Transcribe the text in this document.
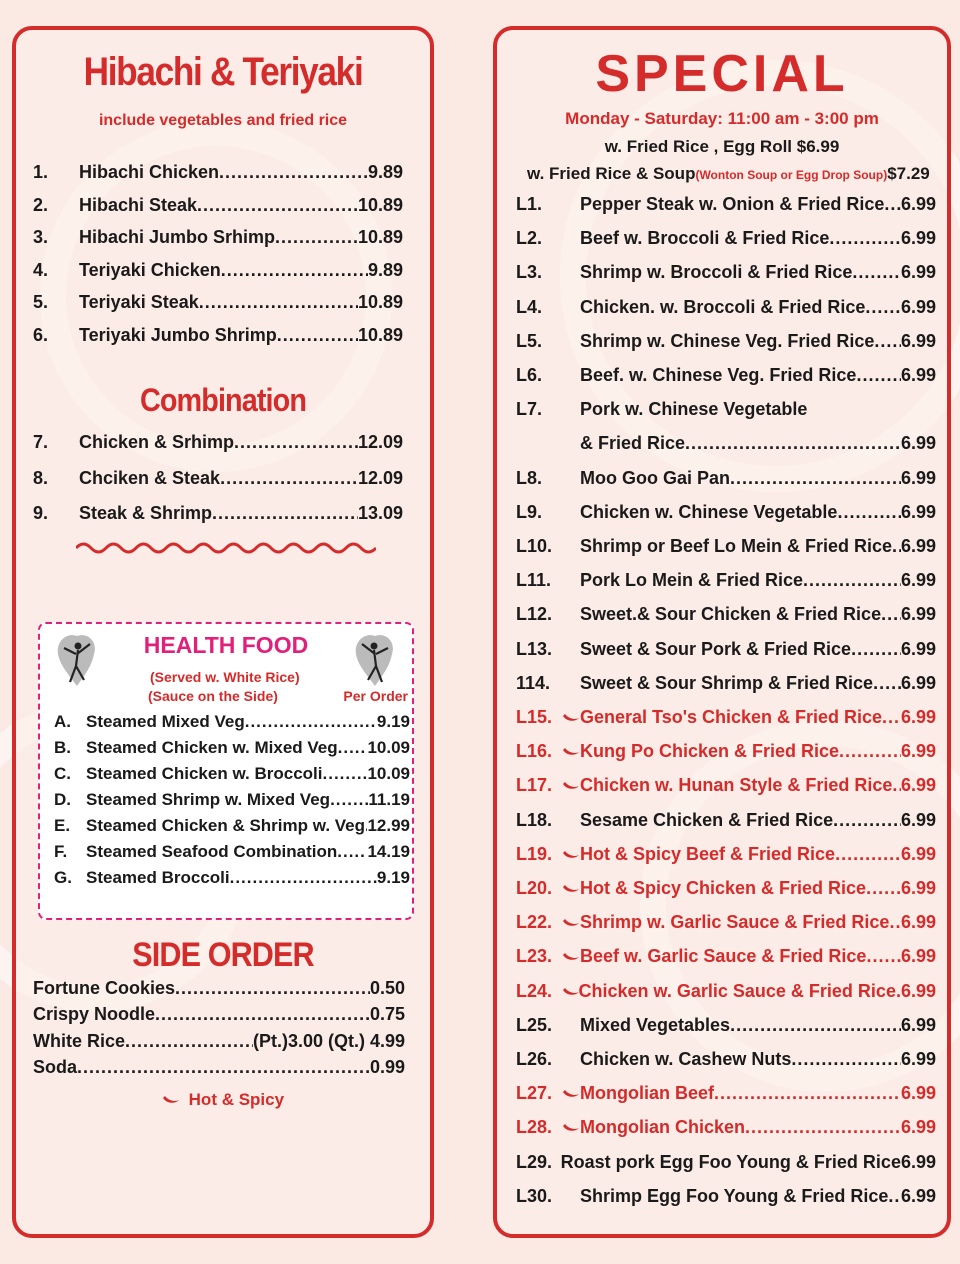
Hibachi & Teriyaki
include vegetables and fried rice
1.	Hibachi Chicken .....	9.89
2.	Hibachi Steak .....	10.89
3.	Hibachi Jumbo Srhimp .....	10.89
4.	Teriyaki Chicken .....	9.89
5.	Teriyaki Steak .....	10.89
6.	Teriyaki Jumbo Shrimp .....	10.89
Combination
7.	Chicken & Srhimp .....	12.09
8.	Chciken & Steak .....	12.09
9.	Steak & Shrimp .....	13.09
HEALTH FOOD
(Served w. White Rice)
(Sauce on the Side)	Per Order
A. Steamed Mixed Veg .....	9.19
B. Steamed Chicken w. Mixed Veg ..... 10.09
C. Steamed Chicken w. Broccoli .....	10.09
D. Steamed Shrimp w. Mixed Veg ..... 11.19
E. Steamed Chicken & Shrimp w. Veg ..... 12.99
F.	Steamed Seafood Combination ..... 14.19
G. Steamed Broccoli .....	9.19
SIDE ORDER
Fortune Cookies .....	0.50
Crispy Noodle .....	0.75
White Rice .....	(Pt.)3.00 (Qt.) 4.99
Soda .....	0.99
Hot & Spicy
SPECIAL
Monday - Saturday: 11:00 am - 3:00 pm
w. Fried Rice , Egg Roll $6.99
w. Fried Rice & Soup(Wonton Soup or Egg Drop Soup)$7.29
L1.	Pepper Steak w. Onion & Fried Rice ..... 6.99
L2.	Beef w. Broccoli & Fried Rice .....	6.99
L3.	Shrimp w. Broccoli & Fried Rice .....	6.99
L4.	Chicken. w. Broccoli & Fried Rice ..... 6.99
L5.	Shrimp w. Chinese Veg. Fried Rice ..... 6.99
L6.	Beef. w. Chinese Veg. Fried Rice ..... 6.99
L7.	Pork w. Chinese Vegetable
& Fried Rice .....	6.99
L8.	Moo Goo Gai Pan .....	6.99
L9.	Chicken w. Chinese Vegetable .....	6.99
L10.	Shrimp or Beef Lo Mein & Fried Rice ..... 6.99
L11.	Pork Lo Mein & Fried Rice .....	6.99
L12.	Sweet.& Sour Chicken & Fried Rice ..... 6.99
L13.	Sweet & Sour Pork & Fried Rice .....	6.99
114.	Sweet & Sour Shrimp & Fried Rice ..... 6.99
L15.	General Tso's Chicken & Fried Rice ..... 6.99
L16.	Kung Po Chicken & Fried Rice .....	6.99
L17.	Chicken w. Hunan Style & Fried Rice ..... 6.99
L18.	Sesame Chicken & Fried Rice .....	6.99
L19.	Hot & Spicy Beef & Fried Rice .....	6.99
L20.	Hot & Spicy Chicken & Fried Rice ..... 6.99
L22.	Shrimp w. Garlic Sauce & Fried Rice ..... 6.99
L23.	Beef w. Garlic Sauce & Fried Rice ..... 6.99
L24.	Chicken w. Garlic Sauce & Fried Rice. 6.99
L25.	Mixed Vegetables .....	6.99
L26.	Chicken w. Cashew Nuts .....	6.99
L27.	Mongolian Beef .....	6.99
L28.	Mongolian Chicken .....	6.99
L29. Roast pork Egg Foo Young & Fried Rice 6.99
L30.	Shrimp Egg Foo Young & Fried Rice ..... 6.99
